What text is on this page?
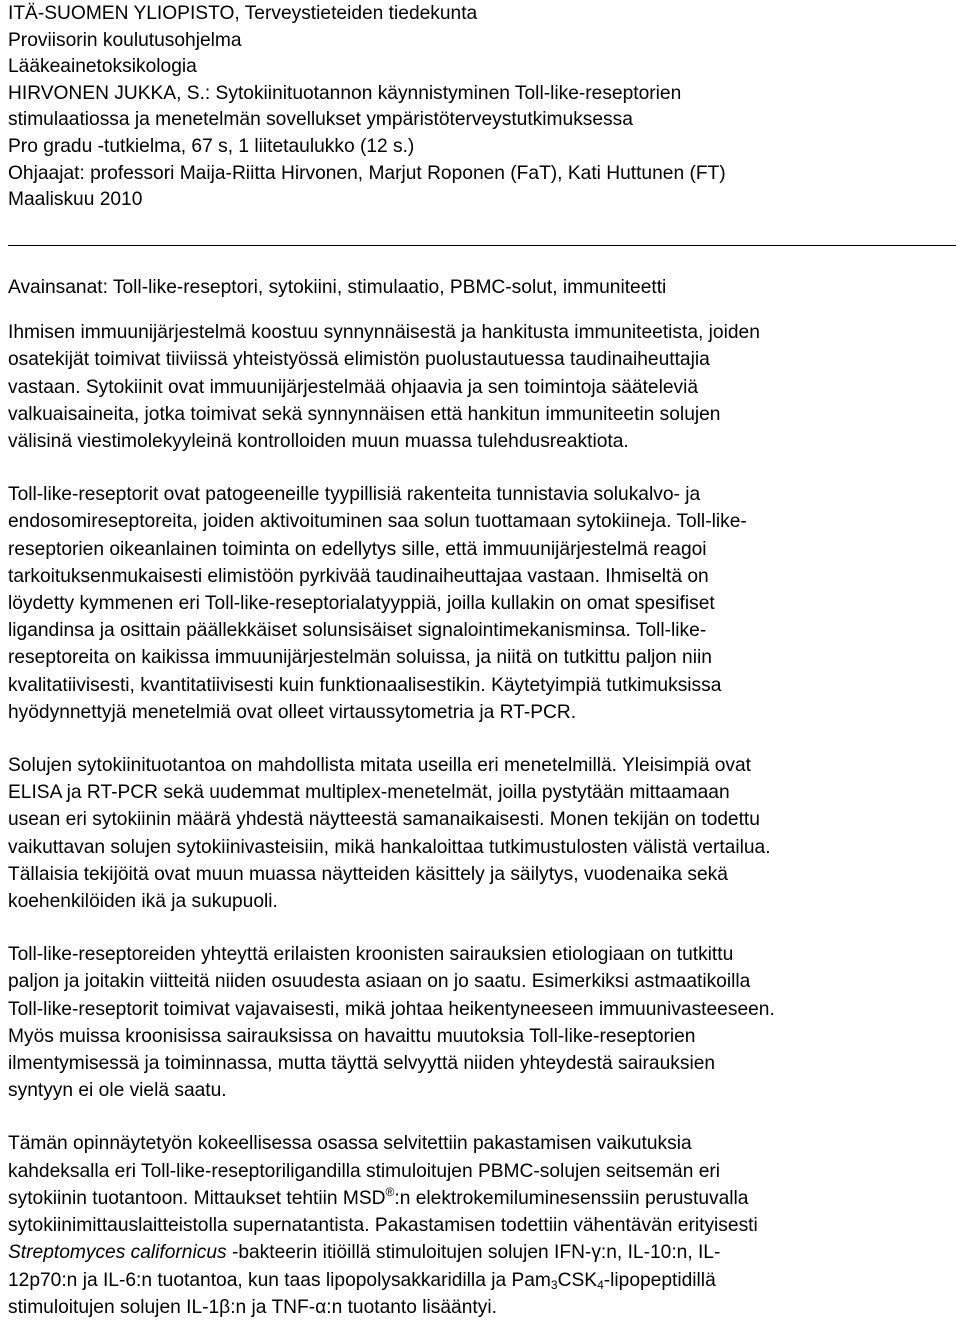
ITÄ-SUOMEN YLIOPISTO, Terveystieteiden tiedekunta
Proviisorin koulutusohjelma
Lääkeainetoksikologia
HIRVONEN JUKKA, S.: Sytokiinituotannon käynnistyminen Toll-like-reseptorien
stimulaatiossa ja menetelmän sovellukset ympäristöterveystutkimuksessa
Pro gradu -tutkielma, 67 s, 1 liitetaulukko (12 s.)
Ohjaajat: professori Maija-Riitta Hirvonen, Marjut Roponen (FaT), Kati Huttunen (FT)
Maaliskuu 2010
Avainsanat: Toll-like-reseptori, sytokiini, stimulaatio, PBMC-solut, immuniteetti
Ihmisen immuunijärjestelmä koostuu synnynnäisestä ja hankitusta immuniteetista, joiden
osatekijät toimivat tiiviissä yhteistyössä elimistön puolustautuessa taudinaiheuttajia
vastaan. Sytokiinit ovat immuunijärjestelmää ohjaavia ja sen toimintoja sääteleviä
valkuaisaineita, jotka toimivat sekä synnynnäisen että hankitun immuniteetin solujen
välisinä viestimolekyyleinä kontrolloiden muun muassa tulehdusreaktiota.
Toll-like-reseptorit ovat patogeeneille tyypillisiä rakenteita tunnistavia solukalvo- ja
endosomireseptoreita, joiden aktivoituminen saa solun tuottamaan sytokiineja. Toll-like-
reseptorien oikeanlainen toiminta on edellytys sille, että immuunijärjestelmä reagoi
tarkoituksenmukaisesti elimistöön pyrkivää taudinaiheuttajaa vastaan. Ihmiseltä on
löydetty kymmenen eri Toll-like-reseptorialatyyppiä, joilla kullakin on omat spesifiset
ligandinsa ja osittain päällekkäiset solunsisäiset signalointimekanisminsa. Toll-like-
reseptoreita on kaikissa immuunijärjestelmän soluissa, ja niitä on tutkittu paljon niin
kvalitatiivisesti, kvantitatiivisesti kuin funktionaalisestikin. Käytetyimpiä tutkimuksissa
hyödynnettyjä menetelmiä ovat olleet virtaussytometria ja RT-PCR.
Solujen sytokiinituotantoa on mahdollista mitata useilla eri menetelmillä. Yleisimpiä ovat
ELISA ja RT-PCR sekä uudemmat multiplex-menetelmät, joilla pystytään mittaamaan
usean eri sytokiinin määrä yhdestä näytteestä samanaikaisesti. Monen tekijän on todettu
vaikuttavan solujen sytokiinivasteisiin, mikä hankaloittaa tutkimustulosten välistä vertailua.
Tällaisia tekijöitä ovat muun muassa näytteiden käsittely ja säilytys, vuodenaika sekä
koehenkilöiden ikä ja sukupuoli.
Toll-like-reseptoreiden yhteyttä erilaisten kroonisten sairauksien etiologiaan on tutkittu
paljon ja joitakin viitteitä niiden osuudesta asiaan on jo saatu. Esimerkiksi astmaatikoilla
Toll-like-reseptorit toimivat vajavaisesti, mikä johtaa heikentyneeseen immuunivasteeseen.
Myös muissa kroonisissa sairauksissa on havaittu muutoksia Toll-like-reseptorien
ilmentymisessä ja toiminnassa, mutta täyttä selvyyttä niiden yhteydestä sairauksien
syntyyn ei ole vielä saatu.
Tämän opinnäytetyön kokeellisessa osassa selvitettiin pakastamisen vaikutuksia
kahdeksalla eri Toll-like-reseptoriligandilla stimuloitujen PBMC-solujen seitsemän eri
sytokiinin tuotantoon. Mittaukset tehtiin MSD®:n elektrokemiluminesenssiin perustuvalla
sytokiinimittauslaitteistolla supernatantista. Pakastamisen todettiin vähentävän erityisesti
Streptomyces californicus -bakteerin itiöillä stimuloitujen solujen IFN-γ:n, IL-10:n, IL-
12p70:n ja IL-6:n tuotantoa, kun taas lipopolysakkaridilla ja $Pam_3CSK_4$-lipopeptidillä
stimuloitujen solujen IL-1β:n ja TNF-α:n tuotanto lisääntyi.
